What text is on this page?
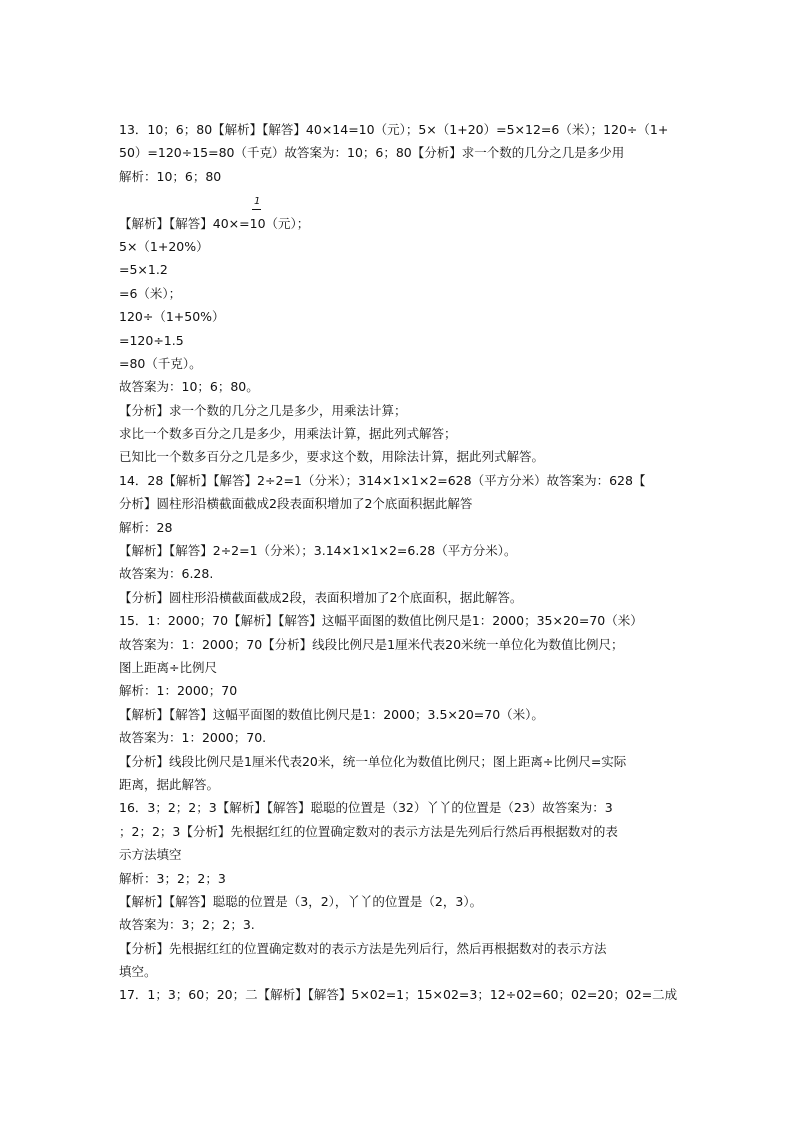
13．10；6；80【解析】【解答】40×14=10（元）；5×（1+20）=5×12=6（米）；120÷（1+
50）=120÷15=80（千克）故答案为：10；6；80【分析】求一个数的几分之几是多少用
解析：10；6；80
【解析】【解答】40×=10（元）；
1
5×（1+20%）
=5×1.2
=6（米）；
120÷（1+50%）
=120÷1.5
=80（千克）。
故答案为：10；6；80。
【分析】求一个数的几分之几是多少，用乘法计算；
求比一个数多百分之几是多少，用乘法计算，据此列式解答；
已知比一个数多百分之几是多少，要求这个数，用除法计算，据此列式解答。
14．28【解析】【解答】2÷2=1（分米）；314×1×1×2=628（平方分米）故答案为：628【
分析】圆柱形沿横截面截成2段表面积增加了2个底面积据此解答
解析：28
【解析】【解答】2÷2=1（分米）；3.14×1×1×2=6.28（平方分米）。
故答案为：6.28.
【分析】圆柱形沿横截面截成2段，表面积增加了2个底面积，据此解答。
15．1：2000；70【解析】【解答】这幅平面图的数值比例尺是1：2000；35×20=70（米）
故答案为：1：2000；70【分析】线段比例尺是1厘米代表20米统一单位化为数值比例尺；
图上距离÷比例尺
解析：1：2000；70
【解析】【解答】这幅平面图的数值比例尺是1：2000；3.5×20=70（米）。
故答案为：1：2000；70.
【分析】线段比例尺是1厘米代表20米，统一单位化为数值比例尺；图上距离÷比例尺=实际
距离，据此解答。
16．3；2；2；3【解析】【解答】聪聪的位置是（32）丫丫的位置是（23）故答案为：3
；2；2；3【分析】先根据红红的位置确定数对的表示方法是先列后行然后再根据数对的表
示方法填空
解析：3；2；2；3
【解析】【解答】聪聪的位置是（3，2），丫丫的位置是（2，3）。
故答案为：3；2；2；3.
【分析】先根据红红的位置确定数对的表示方法是先列后行，然后再根据数对的表示方法
填空。
17．1；3；60；20；二【解析】【解答】5×02=1；15×02=3；12÷02=60；02=20；02=二成
